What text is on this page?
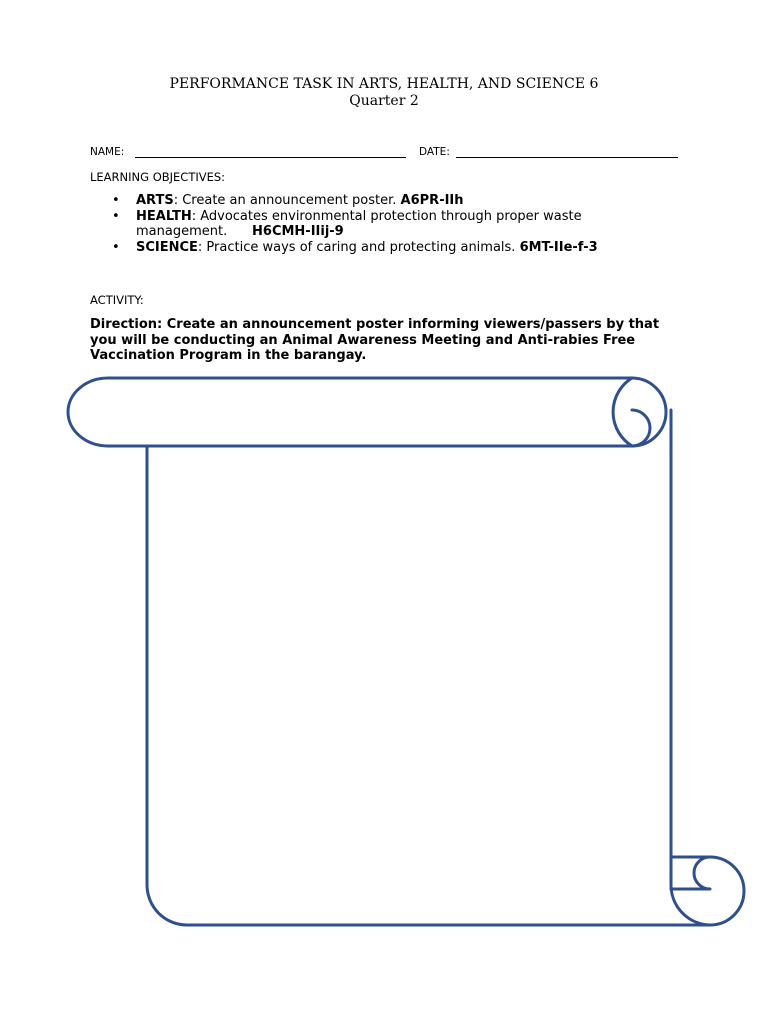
PERFORMANCE TASK IN ARTS, HEALTH, AND SCIENCE 6
Quarter 2
NAME:	DATE:
LEARNING OBJECTIVES:
• ARTS: Create an announcement poster. A6PR-IIh
• HEALTH: Advocates environmental protection through proper waste management.      H6CMH-IIij-9
• SCIENCE: Practice ways of caring and protecting animals. 6MT-IIe-f-3
ACTIVITY:
Direction: Create an announcement poster informing viewers/passers by that you will be conducting an Animal Awareness Meeting and Anti-rabies Free Vaccination Program in the barangay.
